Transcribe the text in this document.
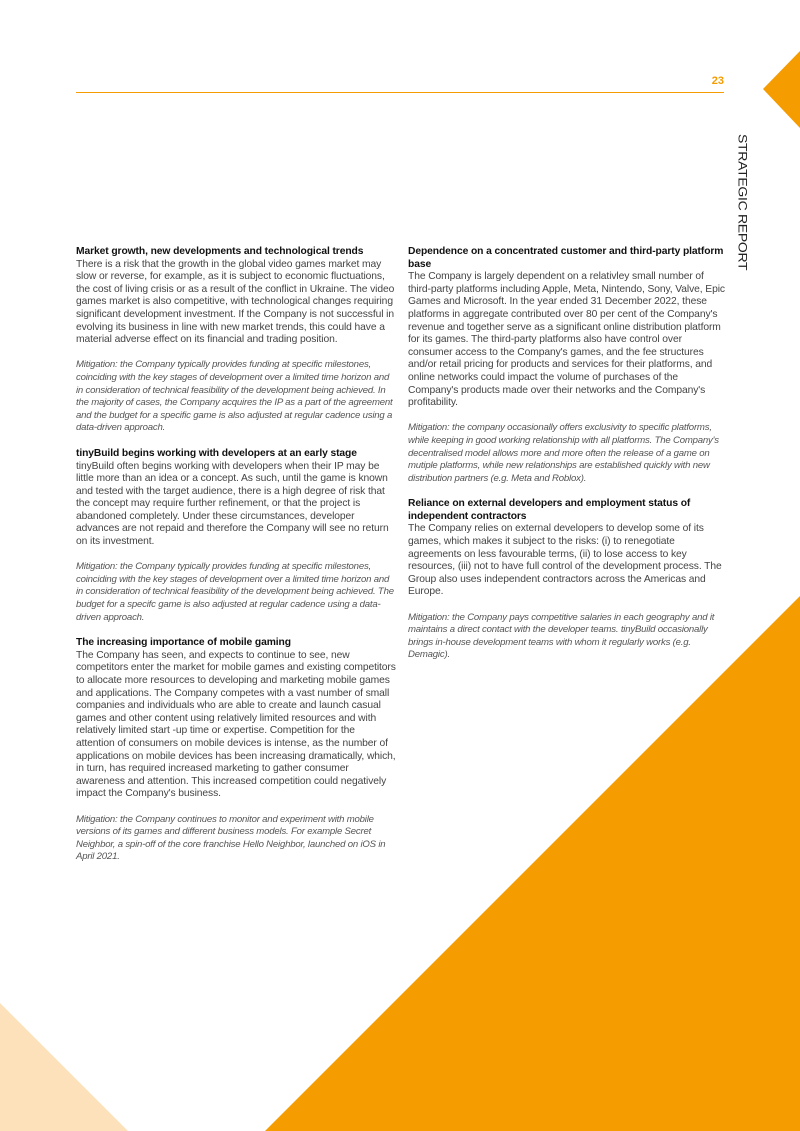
23
STRATEGIC REPORT
Market growth, new developments and technological trends

There is a risk that the growth in the global video games market may slow or reverse, for example, as it is subject to economic fluctuations, the cost of living crisis or as a result of the conflict in Ukraine. The video games market is also competitive, with technological changes requiring significant development investment. If the Company is not successful in evolving its business in line with new market trends, this could have a material adverse effect on its financial and trading position.

Mitigation: the Company typically provides funding at specific milestones, coinciding with the key stages of development over a limited time horizon and in consideration of technical feasibility of the development being achieved. In the majority of cases, the Company acquires the IP as a part of the agreement and the budget for a specific game is also adjusted at regular cadence using a data-driven approach.

tinyBuild begins working with developers at an early stage

tinyBuild often begins working with developers when their IP may be little more than an idea or a concept. As such, until the game is known and tested with the target audience, there is a high degree of risk that the concept may require further refinement, or that the project is abandoned completely. Under these circumstances, developer advances are not repaid and therefore the Company will see no return on its investment.

Mitigation: the Company typically provides funding at specific milestones, coinciding with the key stages of development over a limited time horizon and in consideration of technical feasibility of the development being achieved. The budget for a specifc game is also adjusted at regular cadence using a data-driven approach.

The increasing importance of mobile gaming

The Company has seen, and expects to continue to see, new competitors enter the market for mobile games and existing competitors to allocate more resources to developing and marketing mobile games and applications. The Company competes with a vast number of small companies and individuals who are able to create and launch casual games and other content using relatively limited resources and with relatively limited start -up time or expertise. Competition for the attention of consumers on mobile devices is intense, as the number of applications on mobile devices has been increasing dramatically, which, in turn, has required increased marketing to gather consumer awareness and attention. This increased competition could negatively impact the Company's business.

Mitigation: the Company continues to monitor and experiment with mobile versions of its games and different business models. For example Secret Neighbor, a spin-off of the core franchise Hello Neighbor, launched on iOS in April 2021.

Dependence on a concentrated customer and third-party platform base

The Company is largely dependent on a relativley small number of third-party platforms including Apple, Meta, Nintendo, Sony, Valve, Epic Games and Microsoft. In the year ended 31 December 2022, these platforms in aggregate contributed over 80 per cent of the Company's revenue and together serve as a significant online distribution platform for its games. The third-party platforms also have control over consumer access to the Company's games, and the fee structures and/or retail pricing for products and services for their platforms, and online networks could impact the volume of purchases of the Company's products made over their networks and the Company's profitability.

Mitigation: the company occasionally offers exclusivity to specific platforms, while keeping in good working relationship with all platforms. The Company's decentralised model allows more and more often the release of a game on mutiple platforms, while new relationships are established quickly with new distribution partners (e.g. Meta and Roblox).

Reliance on external developers and employment status of independent contractors

The Company relies on external developers to develop some of its games, which makes it subject to the risks: (i) to renegotiate agreements on less favourable terms, (ii) to lose access to key resources, (iii) not to have full control of the development process. The Group also uses independent contractors across the Americas and Europe.

Mitigation: the Company pays competitive salaries in each geography and it maintains a direct contact with the developer teams. tinyBuild occasionally brings in-house development teams with whom it regularly works (e.g. Demagic).
